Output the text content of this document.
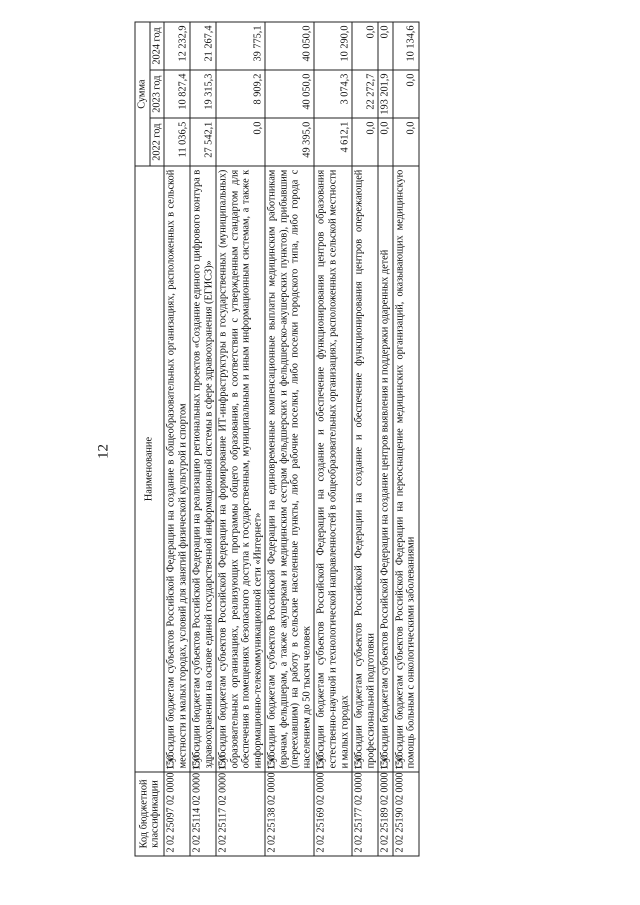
12
Код бюджетной классификации	Наименование	Сумма		
		2022 год	2023 год	2024 год
2 02 25097 02 0000 150	Субсидии бюджетам субъектов Российской Федерации на создание в общеобразовательных организациях, расположенных в сельской местности и малых городах, условий для занятий физической культурой и спортом	11 036,5	10 827,4	12 232,9
2 02 25114 02 0000 150	Субсидии бюджетам субъектов Российской Федерации на реализацию региональных проектов «Создание единого цифрового контура в здравоохранении на основе единой государственной информационной системы в сфере здравоохранения (ЕГИСЗ)»	27 542,1	19 315,3	21 267,4
2 02 25117 02 0000 150	Субсидии бюджетам субъектов Российской Федерации на формирование ИТ-инфраструктуры в государственных (муниципальных) образовательных организациях, реализующих программы общего образования, в соответствии с утвержденным стандартом для обеспечения в помещениях безопасного доступа к государственным, муниципальным и иным информационным системам, а также к информационно-телекоммуникационной сети «Интернет»	0,0	8 909,2	39 775,1
2 02 25138 02 0000 150	Субсидии бюджетам субъектов Российской Федерации на единовременные компенсационные выплаты медицинским работникам (врачам, фельдшерам, а также акушеркам и медицинским сестрам фельдшерских и фельдшерско-акушерских пунктов), прибывшим (переехавшим) на работу в сельские населенные пункты, либо рабочие поселки, либо поселки городского типа, либо города с населением до 50 тысяч человек	49 395,0	40 050,0	40 050,0
2 02 25169 02 0000 150	Субсидии бюджетам субъектов Российской Федерации на создание и обеспечение функционирования центров образования естественно-научной и технологической направленностей в общеобразовательных организациях, расположенных в сельской местности и малых городах	4 612,1	3 074,3	10 290,0
2 02 25177 02 0000 150	Субсидии бюджетам субъектов Российской Федерации на создание и обеспечение функционирования центров опережающей профессиональной подготовки	0,0	22 272,7	0,0
2 02 25189 02 0000 150	Субсидии бюджетам субъектов Российской Федерации на создание центров выявления и поддержки одаренных детей	0,0	193 201,9	0,0
2 02 25190 02 0000 150	Субсидии бюджетам субъектов Российской Федерации на переоснащение медицинских организаций, оказывающих медицинскую помощь больным с онкологическими заболеваниями	0,0	0,0	10 134,6
